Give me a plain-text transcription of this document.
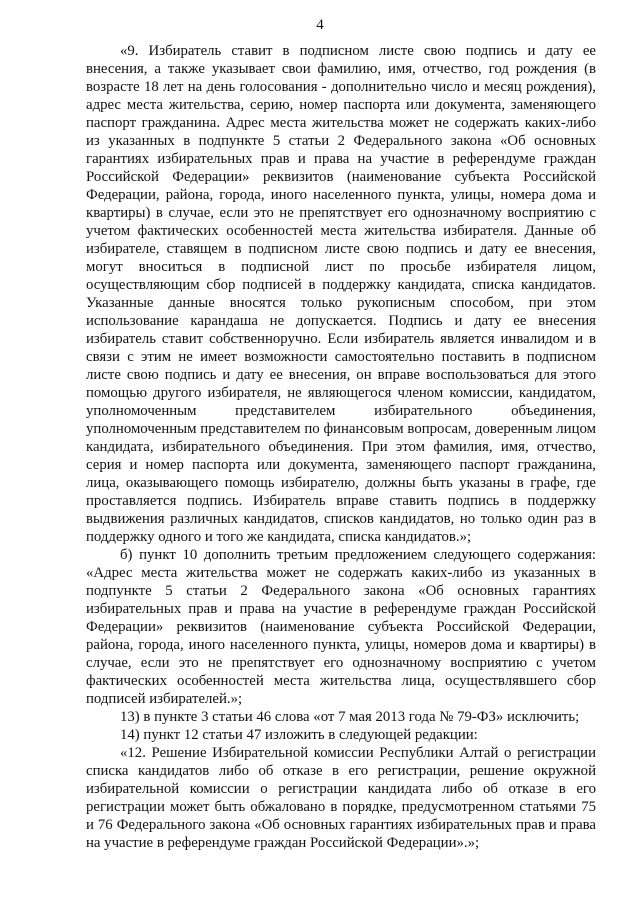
4

«9. Избиратель ставит в подписном листе свою подпись и дату ее внесения, а также указывает свои фамилию, имя, отчество, год рождения (в возрасте 18 лет на день голосования - дополнительно число и месяц рождения), адрес места жительства, серию, номер паспорта или документа, заменяющего паспорт гражданина. Адрес места жительства может не содержать каких-либо из указанных в подпункте 5 статьи 2 Федерального закона «Об основных гарантиях избирательных прав и права на участие в референдуме граждан Российской Федерации» реквизитов (наименование субъекта Российской Федерации, района, города, иного населенного пункта, улицы, номера дома и квартиры) в случае, если это не препятствует его однозначному восприятию с учетом фактических особенностей места жительства избирателя. Данные об избирателе, ставящем в подписном листе свою подпись и дату ее внесения, могут вноситься в подписной лист по просьбе избирателя лицом, осуществляющим сбор подписей в поддержку кандидата, списка кандидатов. Указанные данные вносятся только рукописным способом, при этом использование карандаша не допускается. Подпись и дату ее внесения избиратель ставит собственноручно. Если избиратель является инвалидом и в связи с этим не имеет возможности самостоятельно поставить в подписном листе свою подпись и дату ее внесения, он вправе воспользоваться для этого помощью другого избирателя, не являющегося членом комиссии, кандидатом, уполномоченным представителем избирательного объединения, уполномоченным представителем по финансовым вопросам, доверенным лицом кандидата, избирательного объединения. При этом фамилия, имя, отчество, серия и номер паспорта или документа, заменяющего паспорт гражданина, лица, оказывающего помощь избирателю, должны быть указаны в графе, где проставляется подпись. Избиратель вправе ставить подпись в поддержку выдвижения различных кандидатов, списков кандидатов, но только один раз в поддержку одного и того же кандидата, списка кандидатов.»;

б) пункт 10 дополнить третьим предложением следующего содержания: «Адрес места жительства может не содержать каких-либо из указанных в подпункте 5 статьи 2 Федерального закона «Об основных гарантиях избирательных прав и права на участие в референдуме граждан Российской Федерации» реквизитов (наименование субъекта Российской Федерации, района, города, иного населенного пункта, улицы, номеров дома и квартиры) в случае, если это не препятствует его однозначному восприятию с учетом фактических особенностей места жительства лица, осуществлявшего сбор подписей избирателей.»;

13) в пункте 3 статьи 46 слова «от 7 мая 2013 года № 79-ФЗ» исключить;

14) пункт 12 статьи 47 изложить в следующей редакции:

«12. Решение Избирательной комиссии Республики Алтай о регистрации списка кандидатов либо об отказе в его регистрации, решение окружной избирательной комиссии о регистрации кандидата либо об отказе в его регистрации может быть обжаловано в порядке, предусмотренном статьями 75 и 76 Федерального закона «Об основных гарантиях избирательных прав и права на участие в референдуме граждан Российской Федерации».»;
